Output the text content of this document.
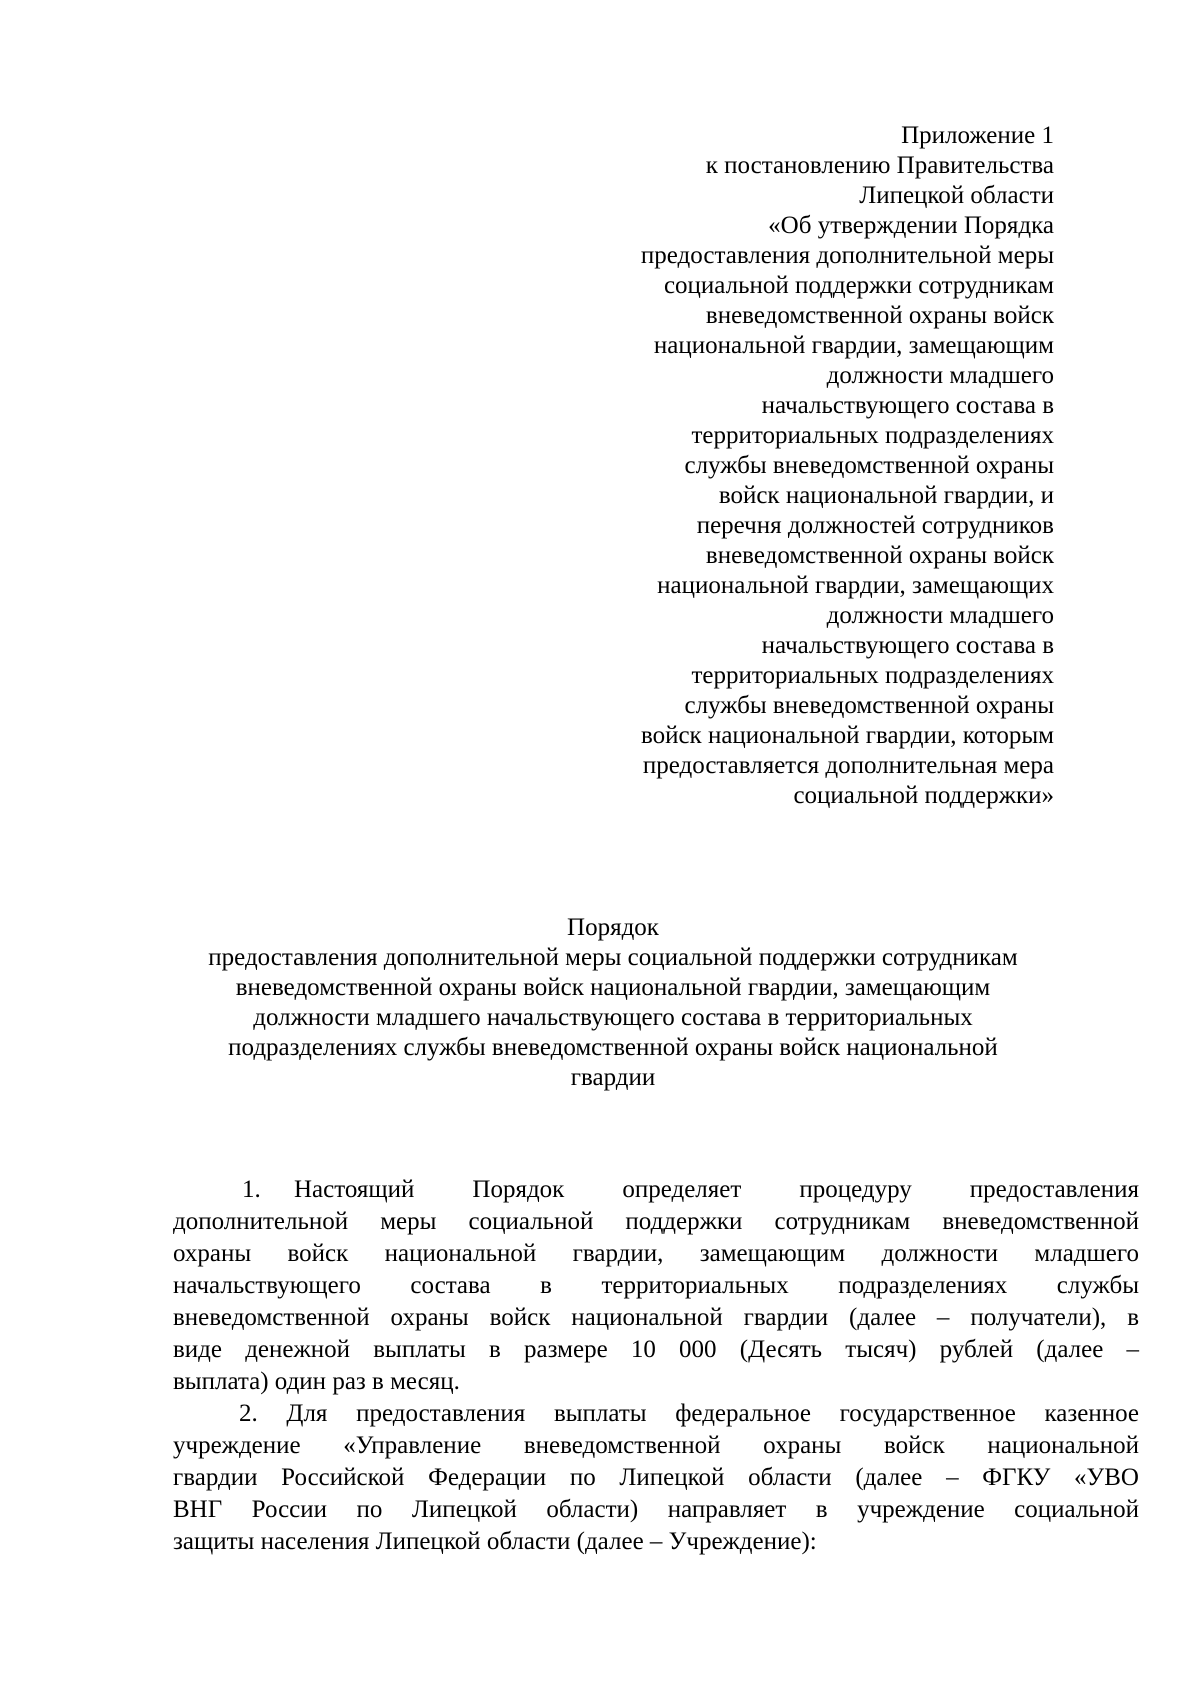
Приложение 1
к постановлению Правительства
Липецкой области
«Об утверждении Порядка
предоставления дополнительной меры
социальной поддержки сотрудникам
вневедомственной охраны войск
национальной гвардии, замещающим
должности младшего
начальствующего состава в
территориальных подразделениях
службы вневедомственной охраны
войск национальной гвардии, и
перечня должностей сотрудников
вневедомственной охраны войск
национальной гвардии, замещающих
должности младшего
начальствующего состава в
территориальных подразделениях
службы вневедомственной охраны
войск национальной гвардии, которым
предоставляется дополнительная мера
социальной поддержки»
Порядок
предоставления дополнительной меры социальной поддержки сотрудникам
вневедомственной охраны войск национальной гвардии, замещающим
должности младшего начальствующего состава в территориальных
подразделениях службы вневедомственной охраны войск национальной
гвардии
1. Настоящий Порядок определяет процедуру предоставления
дополнительной меры социальной поддержки сотрудникам вневедомственной
охраны войск национальной гвардии, замещающим должности младшего
начальствующего состава в территориальных подразделениях службы
вневедомственной охраны войск национальной гвардии (далее – получатели), в
виде денежной выплаты в размере 10 000 (Десять тысяч) рублей (далее –
выплата) один раз в месяц.
2. Для предоставления выплаты федеральное государственное казенное
учреждение «Управление вневедомственной охраны войск национальной
гвардии Российской Федерации по Липецкой области (далее – ФГКУ «УВО
ВНГ России по Липецкой области) направляет в учреждение социальной
защиты населения Липецкой области (далее – Учреждение):
